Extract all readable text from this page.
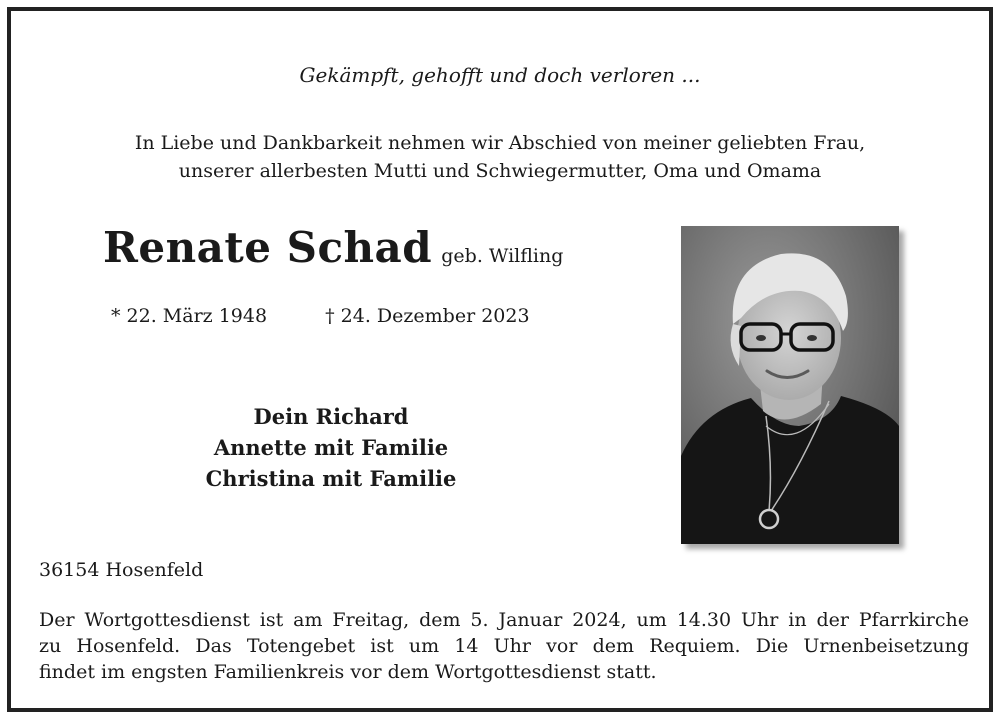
Gekämpft, gehofft und doch verloren ...
In Liebe und Dankbarkeit nehmen wir Abschied von meiner geliebten Frau,
unserer allerbesten Mutti und Schwiegermutter, Oma und Omama
Renate Schad geb. Wilfling
* 22. März 1948	† 24. Dezember 2023
Dein Richard
Annette mit Familie
Christina mit Familie
36154 Hosenfeld
Der Wortgottesdienst ist am Freitag, dem 5. Januar 2024, um 14.30 Uhr in der Pfarrkirche
zu Hosenfeld. Das Totengebet ist um 14 Uhr vor dem Requiem. Die Urnenbeisetzung
findet im engsten Familienkreis vor dem Wortgottesdienst statt.
